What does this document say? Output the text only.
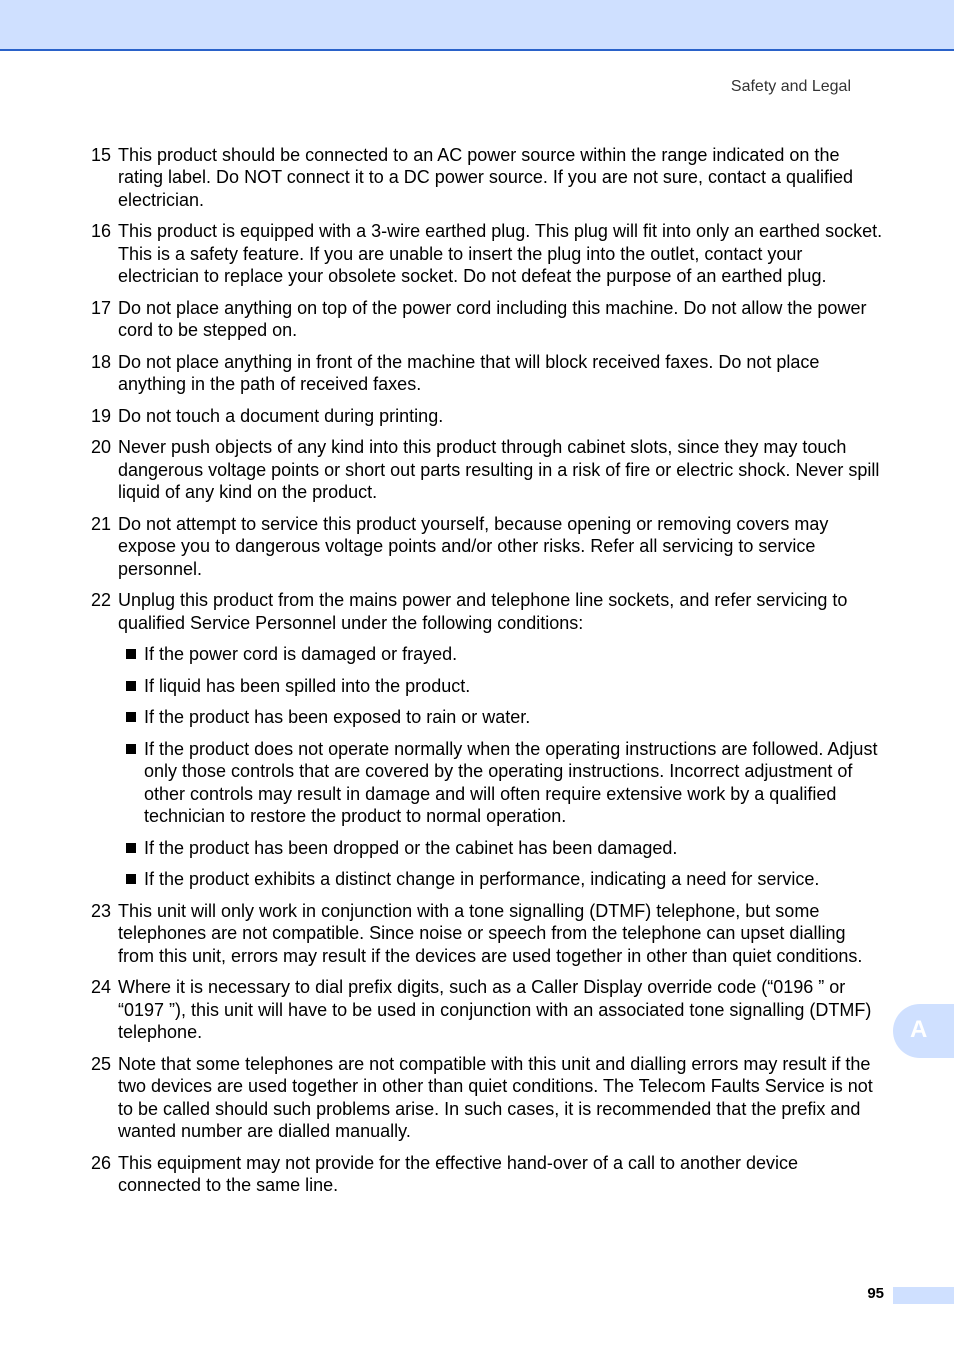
Safety and Legal
15 This product should be connected to an AC power source within the range indicated on the rating label. Do NOT connect it to a DC power source. If you are not sure, contact a qualified electrician.
16 This product is equipped with a 3-wire earthed plug. This plug will fit into only an earthed socket. This is a safety feature. If you are unable to insert the plug into the outlet, contact your electrician to replace your obsolete socket. Do not defeat the purpose of an earthed plug.
17 Do not place anything on top of the power cord including this machine. Do not allow the power cord to be stepped on.
18 Do not place anything in front of the machine that will block received faxes. Do not place anything in the path of received faxes.
19 Do not touch a document during printing.
20 Never push objects of any kind into this product through cabinet slots, since they may touch dangerous voltage points or short out parts resulting in a risk of fire or electric shock. Never spill liquid of any kind on the product.
21 Do not attempt to service this product yourself, because opening or removing covers may expose you to dangerous voltage points and/or other risks. Refer all servicing to service personnel.
22 Unplug this product from the mains power and telephone line sockets, and refer servicing to qualified Service Personnel under the following conditions:
If the power cord is damaged or frayed.
If liquid has been spilled into the product.
If the product has been exposed to rain or water.
If the product does not operate normally when the operating instructions are followed. Adjust only those controls that are covered by the operating instructions. Incorrect adjustment of other controls may result in damage and will often require extensive work by a qualified technician to restore the product to normal operation.
If the product has been dropped or the cabinet has been damaged.
If the product exhibits a distinct change in performance, indicating a need for service.
23 This unit will only work in conjunction with a tone signalling (DTMF) telephone, but some telephones are not compatible. Since noise or speech from the telephone can upset dialling from this unit, errors may result if the devices are used together in other than quiet conditions.
24 Where it is necessary to dial prefix digits, such as a Caller Display override code (“0196 ” or “0197 ”), this unit will have to be used in conjunction with an associated tone signalling (DTMF) telephone.
25 Note that some telephones are not compatible with this unit and dialling errors may result if the two devices are used together in other than quiet conditions. The Telecom Faults Service is not to be called should such problems arise. In such cases, it is recommended that the prefix and wanted number are dialled manually.
26 This equipment may not provide for the effective hand-over of a call to another device connected to the same line.
A
95
